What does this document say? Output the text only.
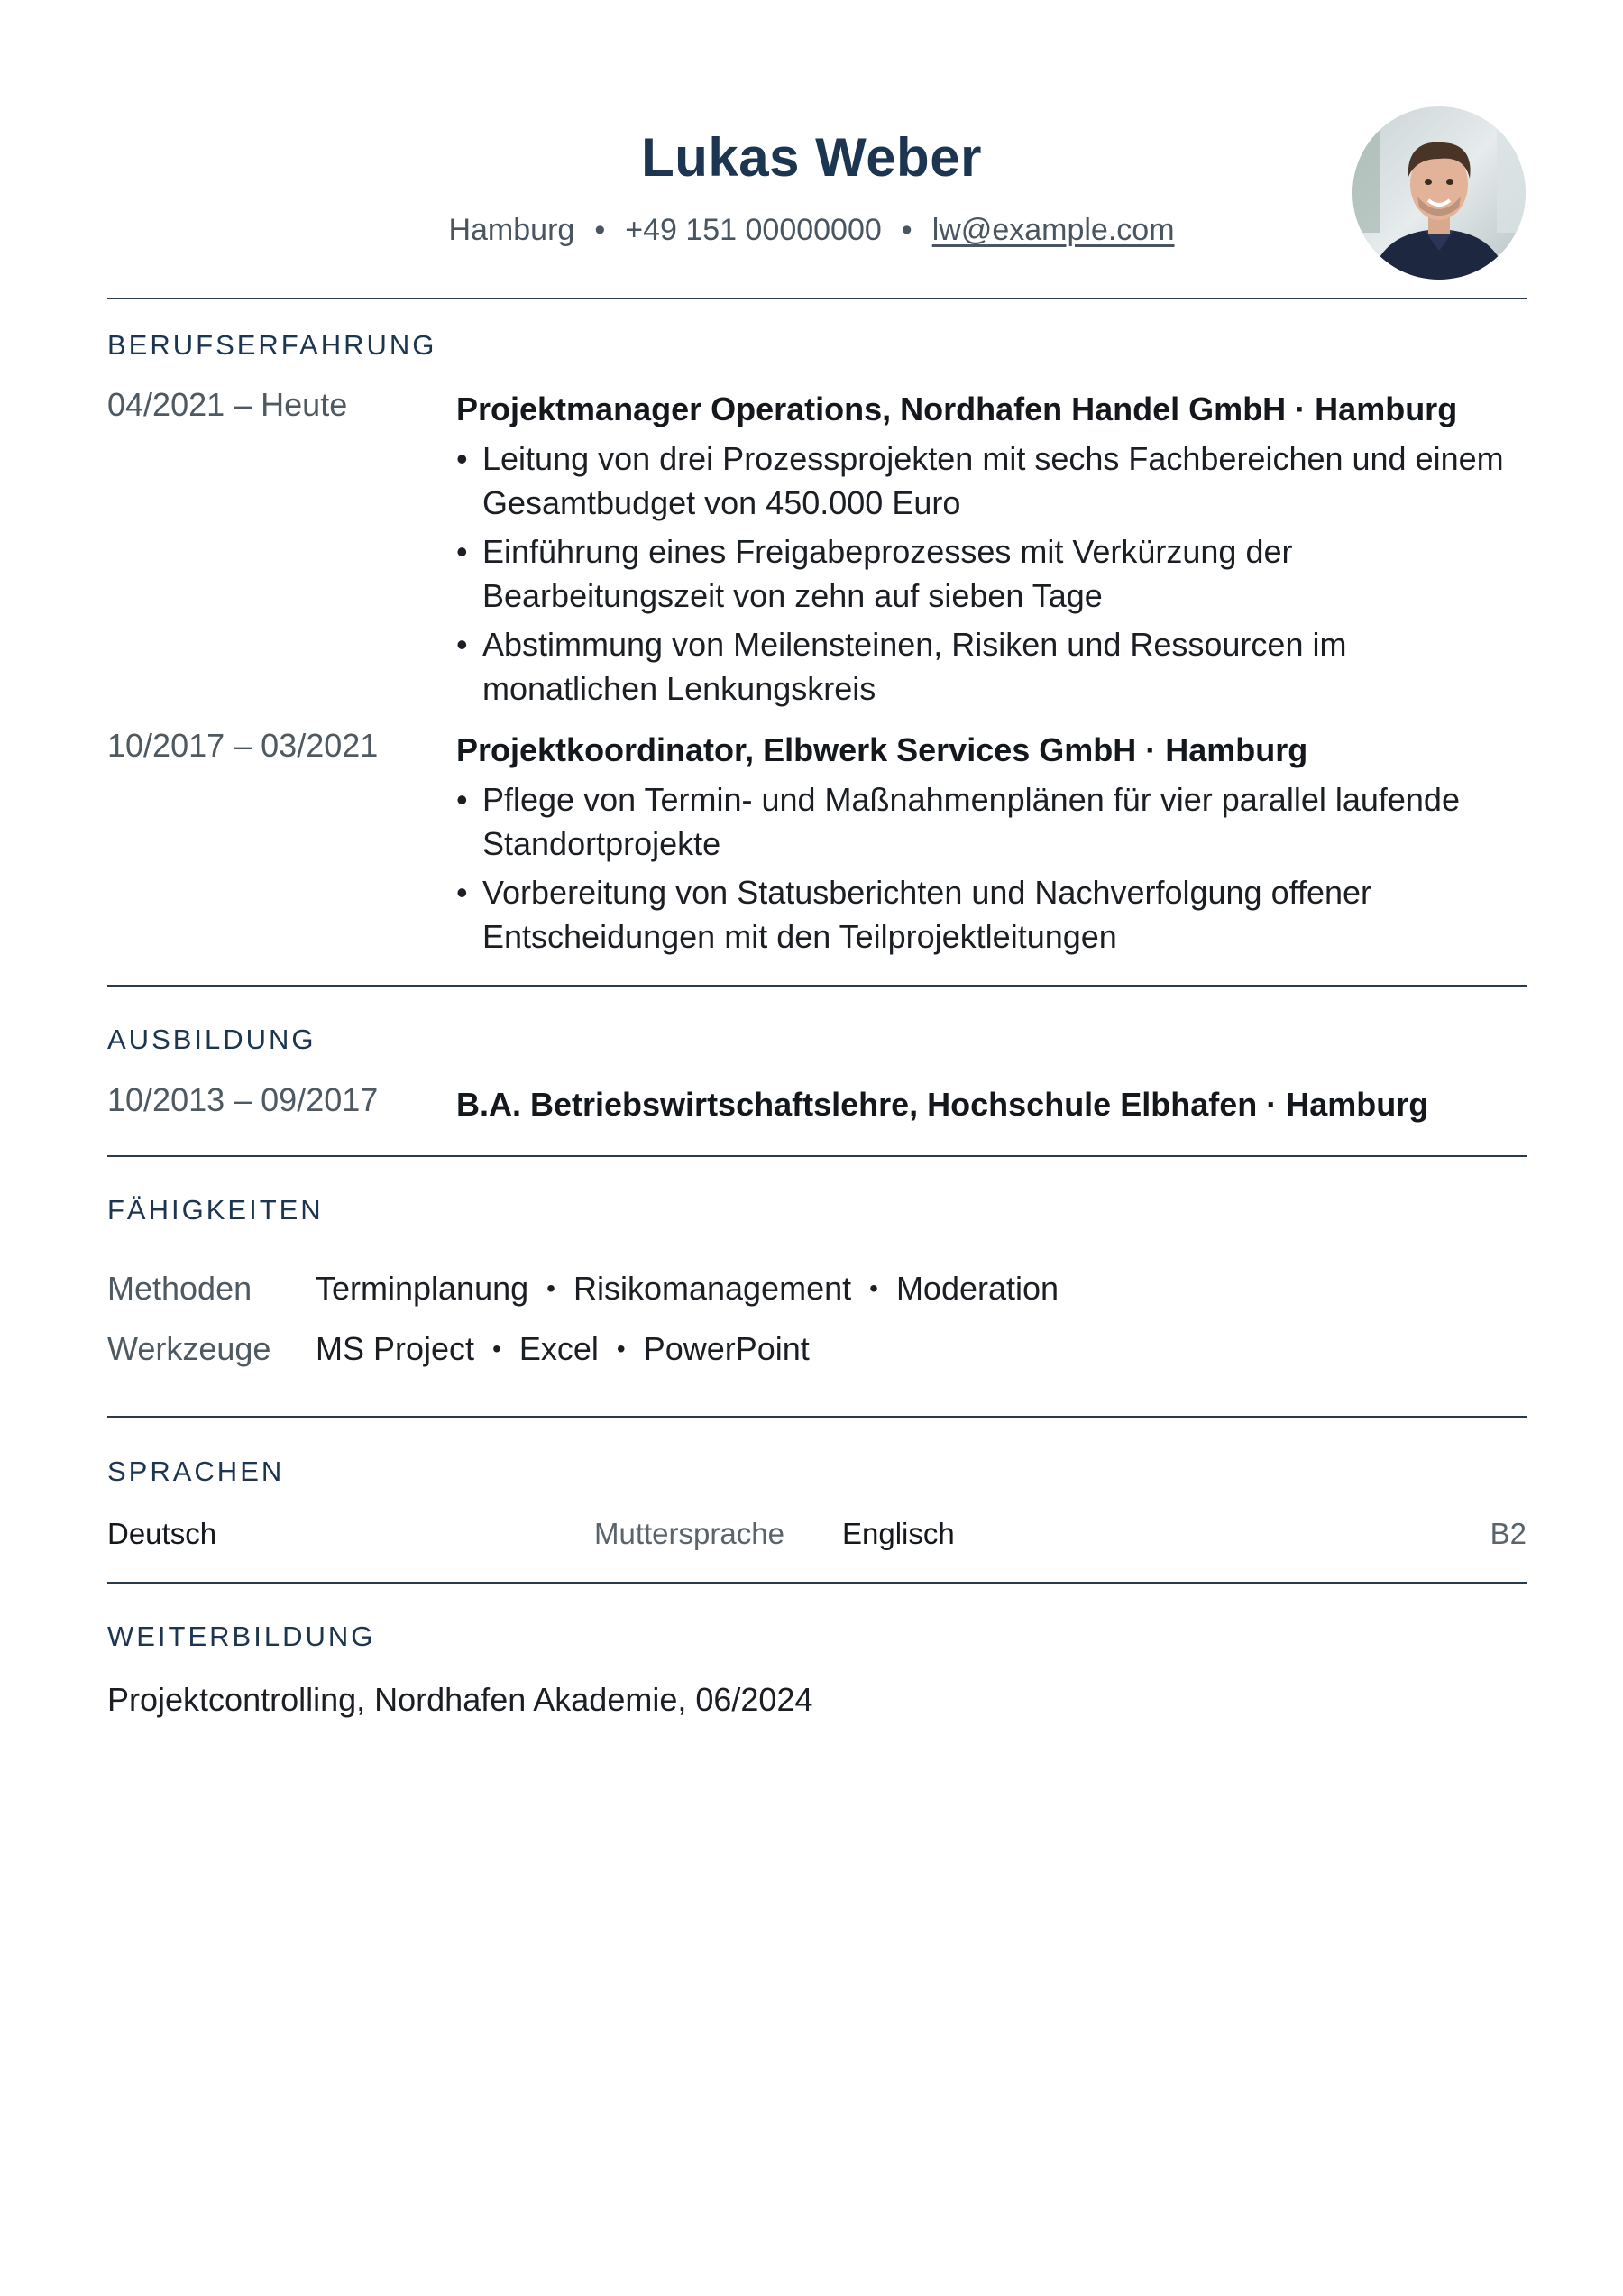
Lukas Weber
Hamburg • +49 151 00000000 • lw@example.com
BERUFSERFAHRUNG
04/2021 – Heute	Projektmanager Operations, Nordhafen Handel GmbH · Hamburg
• Leitung von drei Prozessprojekten mit sechs Fachbereichen und einem Gesamtbudget von 450.000 Euro
• Einführung eines Freigabeprozesses mit Verkürzung der Bearbeitungszeit von zehn auf sieben Tage
• Abstimmung von Meilensteinen, Risiken und Ressourcen im monatlichen Lenkungskreis
10/2017 – 03/2021 Projektkoordinator, Elbwerk Services GmbH · Hamburg
• Pflege von Termin- und Maßnahmenplänen für vier parallel laufende Standortprojekte
• Vorbereitung von Statusberichten und Nachverfolgung offener Entscheidungen mit den Teilprojektleitungen
AUSBILDUNG
10/2013 – 09/2017 B.A. Betriebswirtschaftslehre, Hochschule Elbhafen · Hamburg
FÄHIGKEITEN
Methoden Terminplanung • Risikomanagement • Moderation
Werkzeuge MS Project • Excel • PowerPoint
SPRACHEN
Deutsch	Muttersprache Englisch	B2
WEITERBILDUNG
Projektcontrolling, Nordhafen Akademie, 06/2024
